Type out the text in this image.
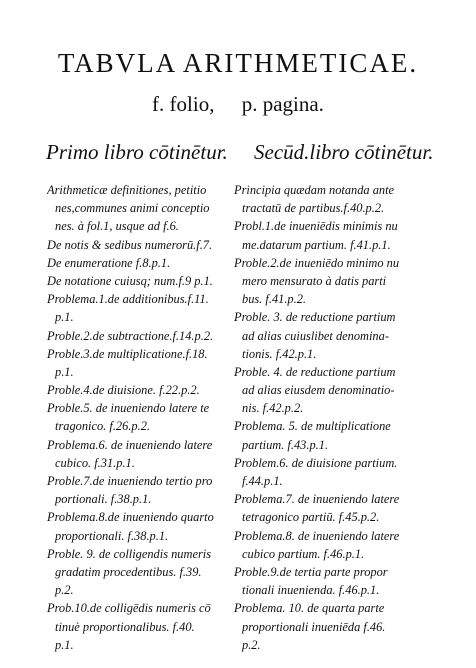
TABVLA ARITHMETICAE.
f. folio, p. pagina.
Primo libro cōtinētur. Secūd.libro cōtinētur.
Arithmeticæ definitiones, petitio
nes,communes animi conceptio
nes. à fol.1, usque ad f.6.
De notis & sedibus numerorū.f.7.
De enumeratione f.8.p.1.
De notatione cuiusq; num.f.9 p.1.
Problema.1.de additionibus.f.11.
p.1.
Proble.2.de subtractione.f.14.p.2.
Proble.3.de multiplicatione.f.18.
p.1.
Proble.4.de diuisione. f.22.p.2.
Proble.5. de inueniendo latere te
tragonico. f.26.p.2.
Problema.6. de inueniendo latere
cubico. f.31.p.1.
Proble.7.de inueniendo tertio pro
portionali. f.38.p.1.
Problema.8.de inueniendo quarto
proportionali. f.38.p.1.
Proble. 9. de colligendis numeris
gradatim procedentibus. f.39.
p.2.
Prob.10.de colligēdis numeris cō
tinuè proportionalibus. f.40.
p.1.
Principia quædam notanda ante
tractatū de partibus.f.40.p.2.
Probl.1.de inueniēdis minimis nu
me.datarum partium. f.41.p.1.
Proble.2.de inueniēdo minimo nu
mero mensurato à datis parti
bus. f.41.p.2.
Proble. 3. de reductione partium
ad alias cuiuslibet denomina-
tionis. f.42.p.1.
Proble. 4. de reductione partium
ad alias eiusdem denominatio-
nis. f.42.p.2.
Problema. 5. de multiplicatione
partium. f.43.p.1.
Problem.6. de diuisione partium.
f.44.p.1.
Problema.7. de inueniendo latere
tetragonico partiū. f.45.p.2.
Problema.8. de inueniendo latere
cubico partium. f.46.p.1.
Proble.9.de tertia parte propor
tionali inuenienda. f.46.p.1.
Problema. 10. de quarta parte
proportionali inueniēda f.46.
p.2.
